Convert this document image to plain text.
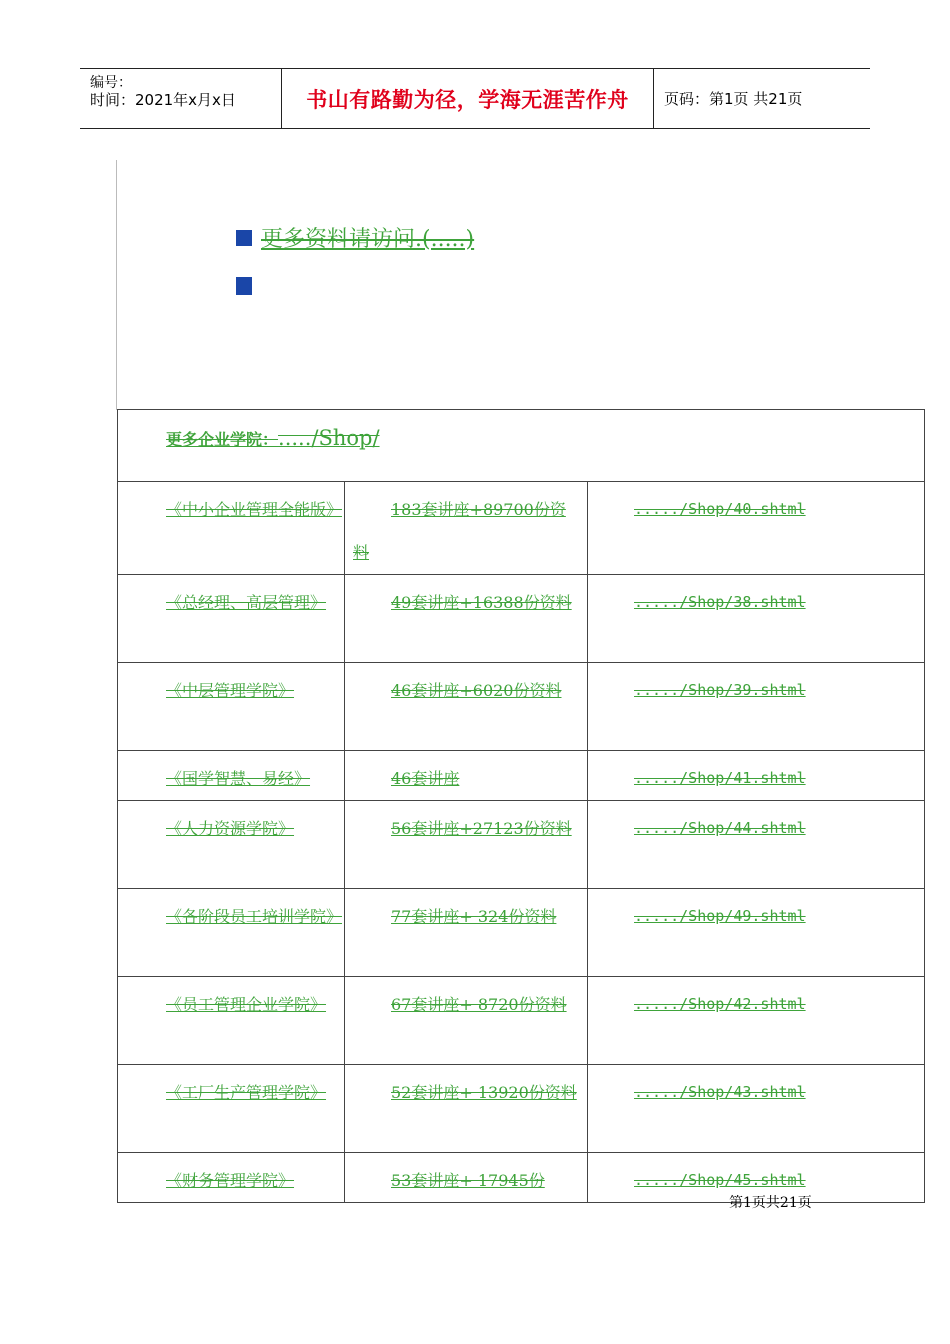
编号：
时间：2021年x月x日	书山有路勤为径，学海无涯苦作舟	页码：第1页 共21页
更多资料请访问.(.....)
更多企业学院：...../Shop/		
《中小企业管理全能版》	183套讲座+89700份资料	...../Shop/40.shtml
《总经理、高层管理》	49套讲座+16388份资料	...../Shop/38.shtml
《中层管理学院》	46套讲座+6020份资料	...../Shop/39.shtml
《国学智慧、易经》	46套讲座	...../Shop/41.shtml
《人力资源学院》	56套讲座+27123份资料	...../Shop/44.shtml
《各阶段员工培训学院》	77套讲座+ 324份资料	...../Shop/49.shtml
《员工管理企业学院》	67套讲座+ 8720份资料	...../Shop/42.shtml
《工厂生产管理学院》	52套讲座+ 13920份资料	...../Shop/43.shtml
《财务管理学院》	53套讲座+ 17945份	...../Shop/45.shtml
第1页共21页
